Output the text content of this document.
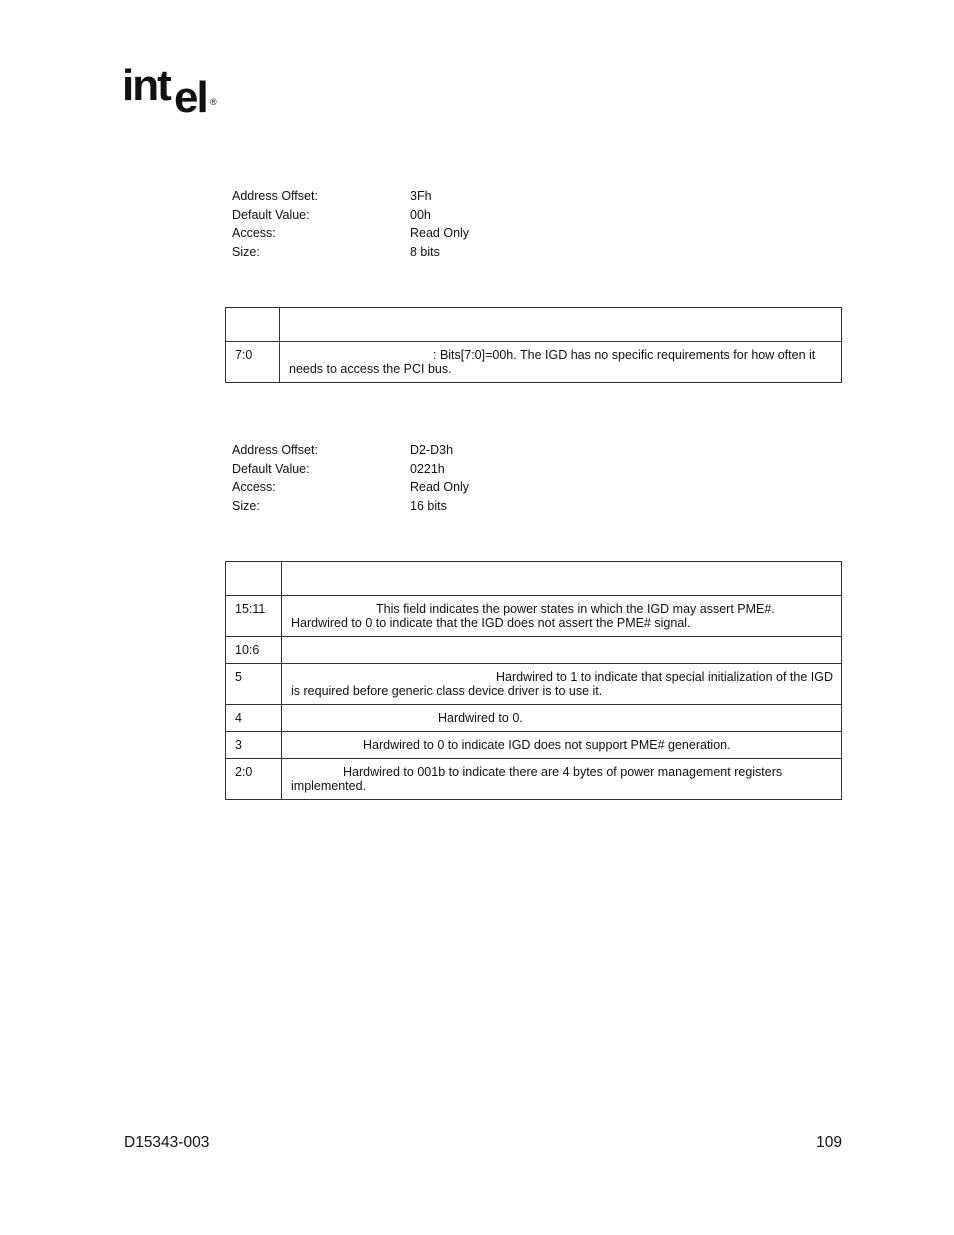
int el ®
Address Offset:	3Fh
Default Value:	00h
Access:	Read Only
Size:	8 bits

7:0	: Bits[7:0]=00h. The IGD has no specific requirements for how often it needs to access the PCI bus.
Address Offset:	D2-D3h
Default Value:	0221h
Access:	Read Only
Size:	16 bits

15:11	This field indicates the power states in which the IGD may assert PME#. Hardwired to 0 to indicate that the IGD does not assert the PME# signal.
10:6	
5	Hardwired to 1 to indicate that special initialization of the IGD is required before generic class device driver is to use it.
4	Hardwired to 0.
3	Hardwired to 0 to indicate IGD does not support PME# generation.
2:0	Hardwired to 001b to indicate there are 4 bytes of power management registers implemented.
D15343-003	109
